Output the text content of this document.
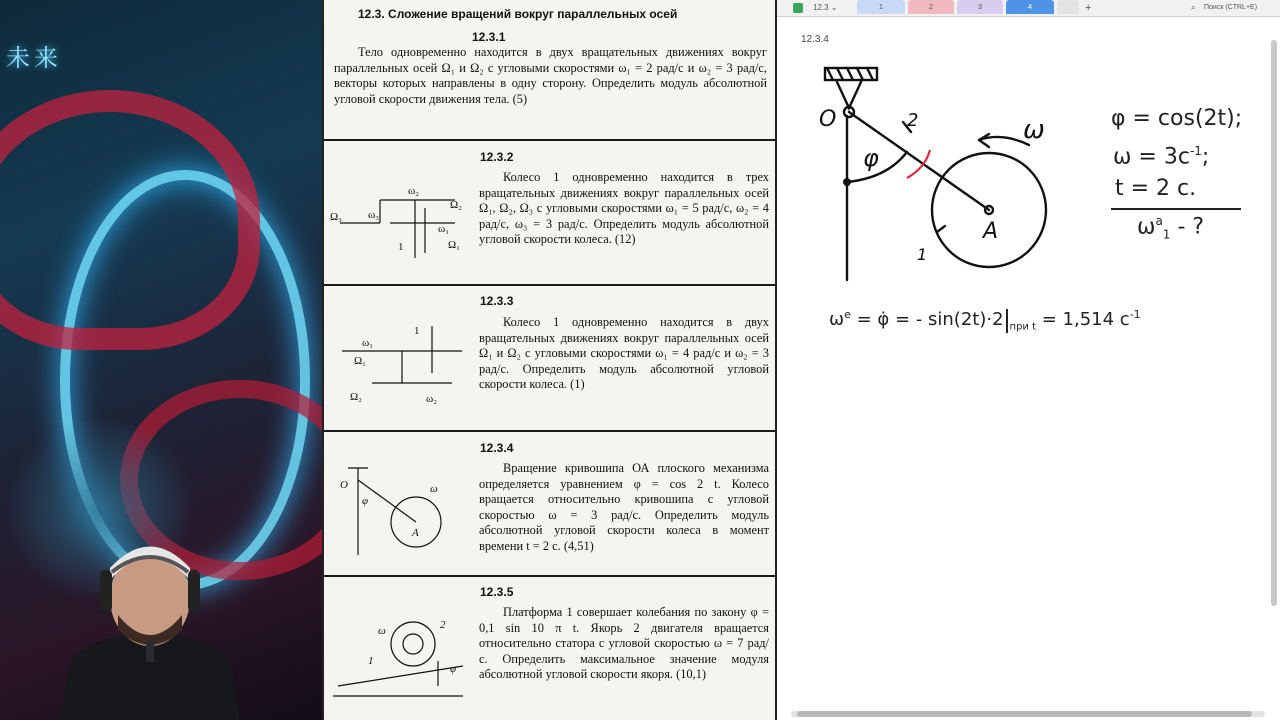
未来
12.3. Сложение вращений вокруг параллельных осей
12.3.1
Тело одновременно находится в двух вращательных движениях вокруг параллельных осей Ω₁ и Ω₂ с угловыми скоростями ω₁ = 2 рад/с и ω₂ = 3 рад/с, векторы которых направлены в одну сторону. Определить модуль абсолютной угловой скорости движения тела. (5)
12.3.2
Колесо 1 одновременно находится в трех вращательных движениях вокруг параллельных осей Ω₁, Ω₂, Ω₃ с угловыми скоростями ω₁ = 5 рад/с, ω₂ = 4 рад/с, ω₃ = 3 рад/с. Определить модуль абсолютной угловой скорости колеса. (12)
Ω₃ ω₃
ω₂
Ω₂
ω₁
Ω₁
1
12.3.3
Колесо 1 одновременно находится в двух вращательных движениях вокруг параллельных осей Ω₁ и Ω₂ с угловыми скоростями ω₁ = 4 рад/с и ω₂ = 3 рад/с. Определить модуль абсолютной угловой скорости колеса. (1)
ω₁
Ω₁
1
Ω₂	ω₂
12.3.4
Вращение кривошипа ОА плоского механизма определяется уравнением φ = cos 2 t. Колесо вращается относительно кривошипа с угловой скоростью ω = 3 рад/с. Определить модуль абсолютной угловой скорости колеса в момент времени t = 2 с. (4,51)
O
φ
ω
A
12.3.5
Платформа 1 совершает колебания по закону φ = 0,1 sin 10 π t. Якорь 2 двигателя вращается относительно статора с угловой скоростью ω = 7 рад/с. Определить максимальное значение модуля абсолютной угловой скорости якоря. (10,1)
ω	2
1
φ
12.3 ⌄	1	2	3	4	+	⌕ Поиск (CTRL+E)
12.3.4
O	2
φ
ω
A
1
φ = cos(2t);
$\omega = 3c^{-1}$;
t = 2 c.
$\omega^a_1$ - ?
$\omega^e$ = φ̇ = - sin(2t)·2 $_{при t}$ = 1,514 $c^{-1}$
